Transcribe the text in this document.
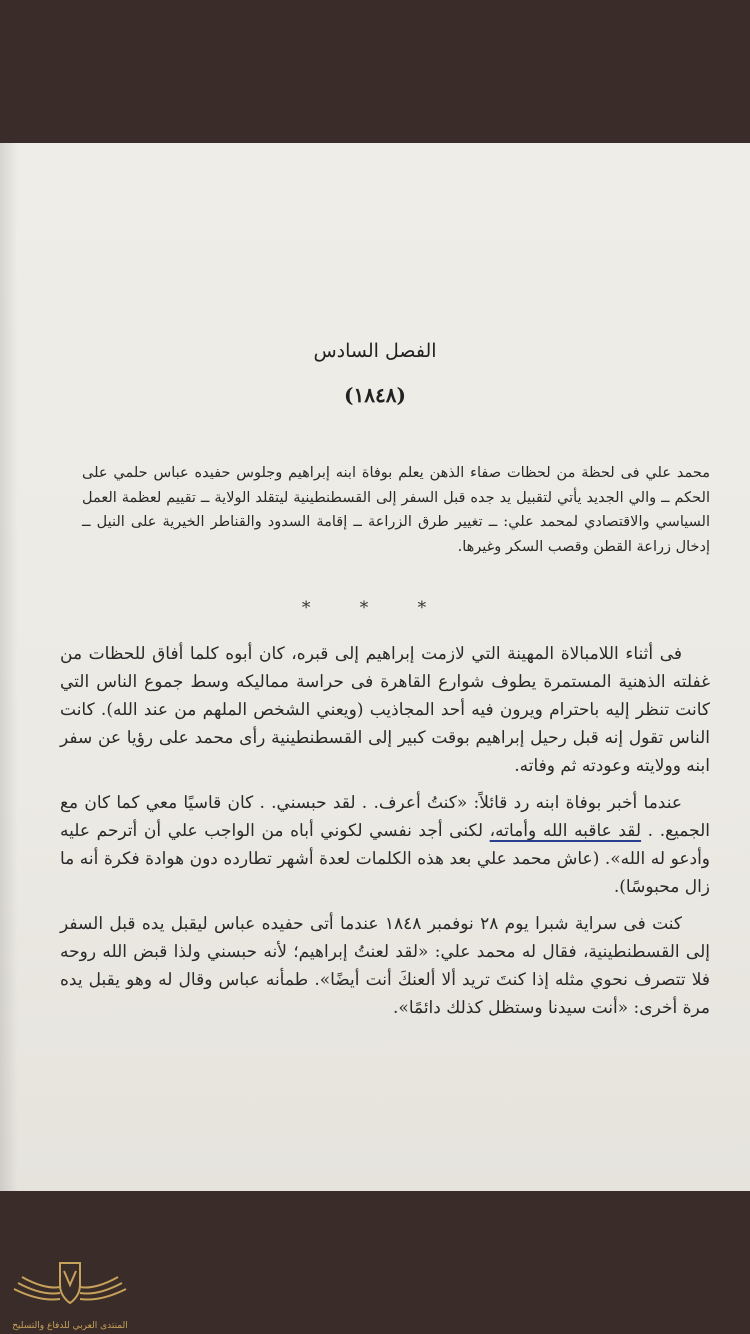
الفصل السادس
(١٨٤٨)
محمد علي فى لحظة من لحظات صفاء الذهن يعلم بوفاة ابنه إبراهيم وجلوس حفيده عباس حلمي على الحكم ــ والي الجديد يأتي لتقبيل يد جده قبل السفر إلى القسطنطينية ليتقلد الولاية ــ تقييم لعظمة العمل السياسي والاقتصادي لمحمد علي: ــ تغيير طرق الزراعة ــ إقامة السدود والقناطر الخيرية على النيل ــ إدخال زراعة القطن وقصب السكر وغيرها.
* * *

فى أثناء اللامبالاة المهينة التي لازمت إبراهيم إلى قبره، كان أبوه كلما أفاق للحظات من غفلته الذهنية المستمرة يطوف شوارع القاهرة فى حراسة مماليكه وسط جموع الناس التي كانت تنظر إليه باحترام ويرون فيه أحد المجاذيب (ويعني الشخص الملهم من عند الله). كانت الناس تقول إنه قبل رحيل إبراهيم بوقت كبير إلى القسطنطينية رأى محمد على رؤيا عن سفر ابنه وولايته وعودته ثم وفاته.

عندما أخبر بوفاة ابنه رد قائلاً: «كنتُ أعرف. . لقد حبسني. . كان قاسيًا معي كما كان مع الجميع. . لقد عاقبه الله وأماته، لكنى أجد نفسي لكوني أباه من الواجب علي أن أترحم عليه وأدعو له الله». (عاش محمد علي بعد هذه الكلمات لعدة أشهر تطارده دون هوادة فكرة أنه ما زال محبوسًا).

كنت فى سراية شبرا يوم ٢٨ نوفمبر ١٨٤٨ عندما أتى حفيده عباس ليقبل يده قبل السفر إلى القسطنطينية، فقال له محمد علي: «لقد لعنتُ إبراهيم؛ لأنه حبسني ولذا قبض الله روحه فلا تتصرف نحوي مثله إذا كنتَ تريد ألا ألعنكَ أنت أيضًا». طمأنه عباس وقال له وهو يقبل يده مرة أخرى: «أنت سيدنا وستظل كذلك دائمًا».

المنتدى العربي للدفاع والتسليح
